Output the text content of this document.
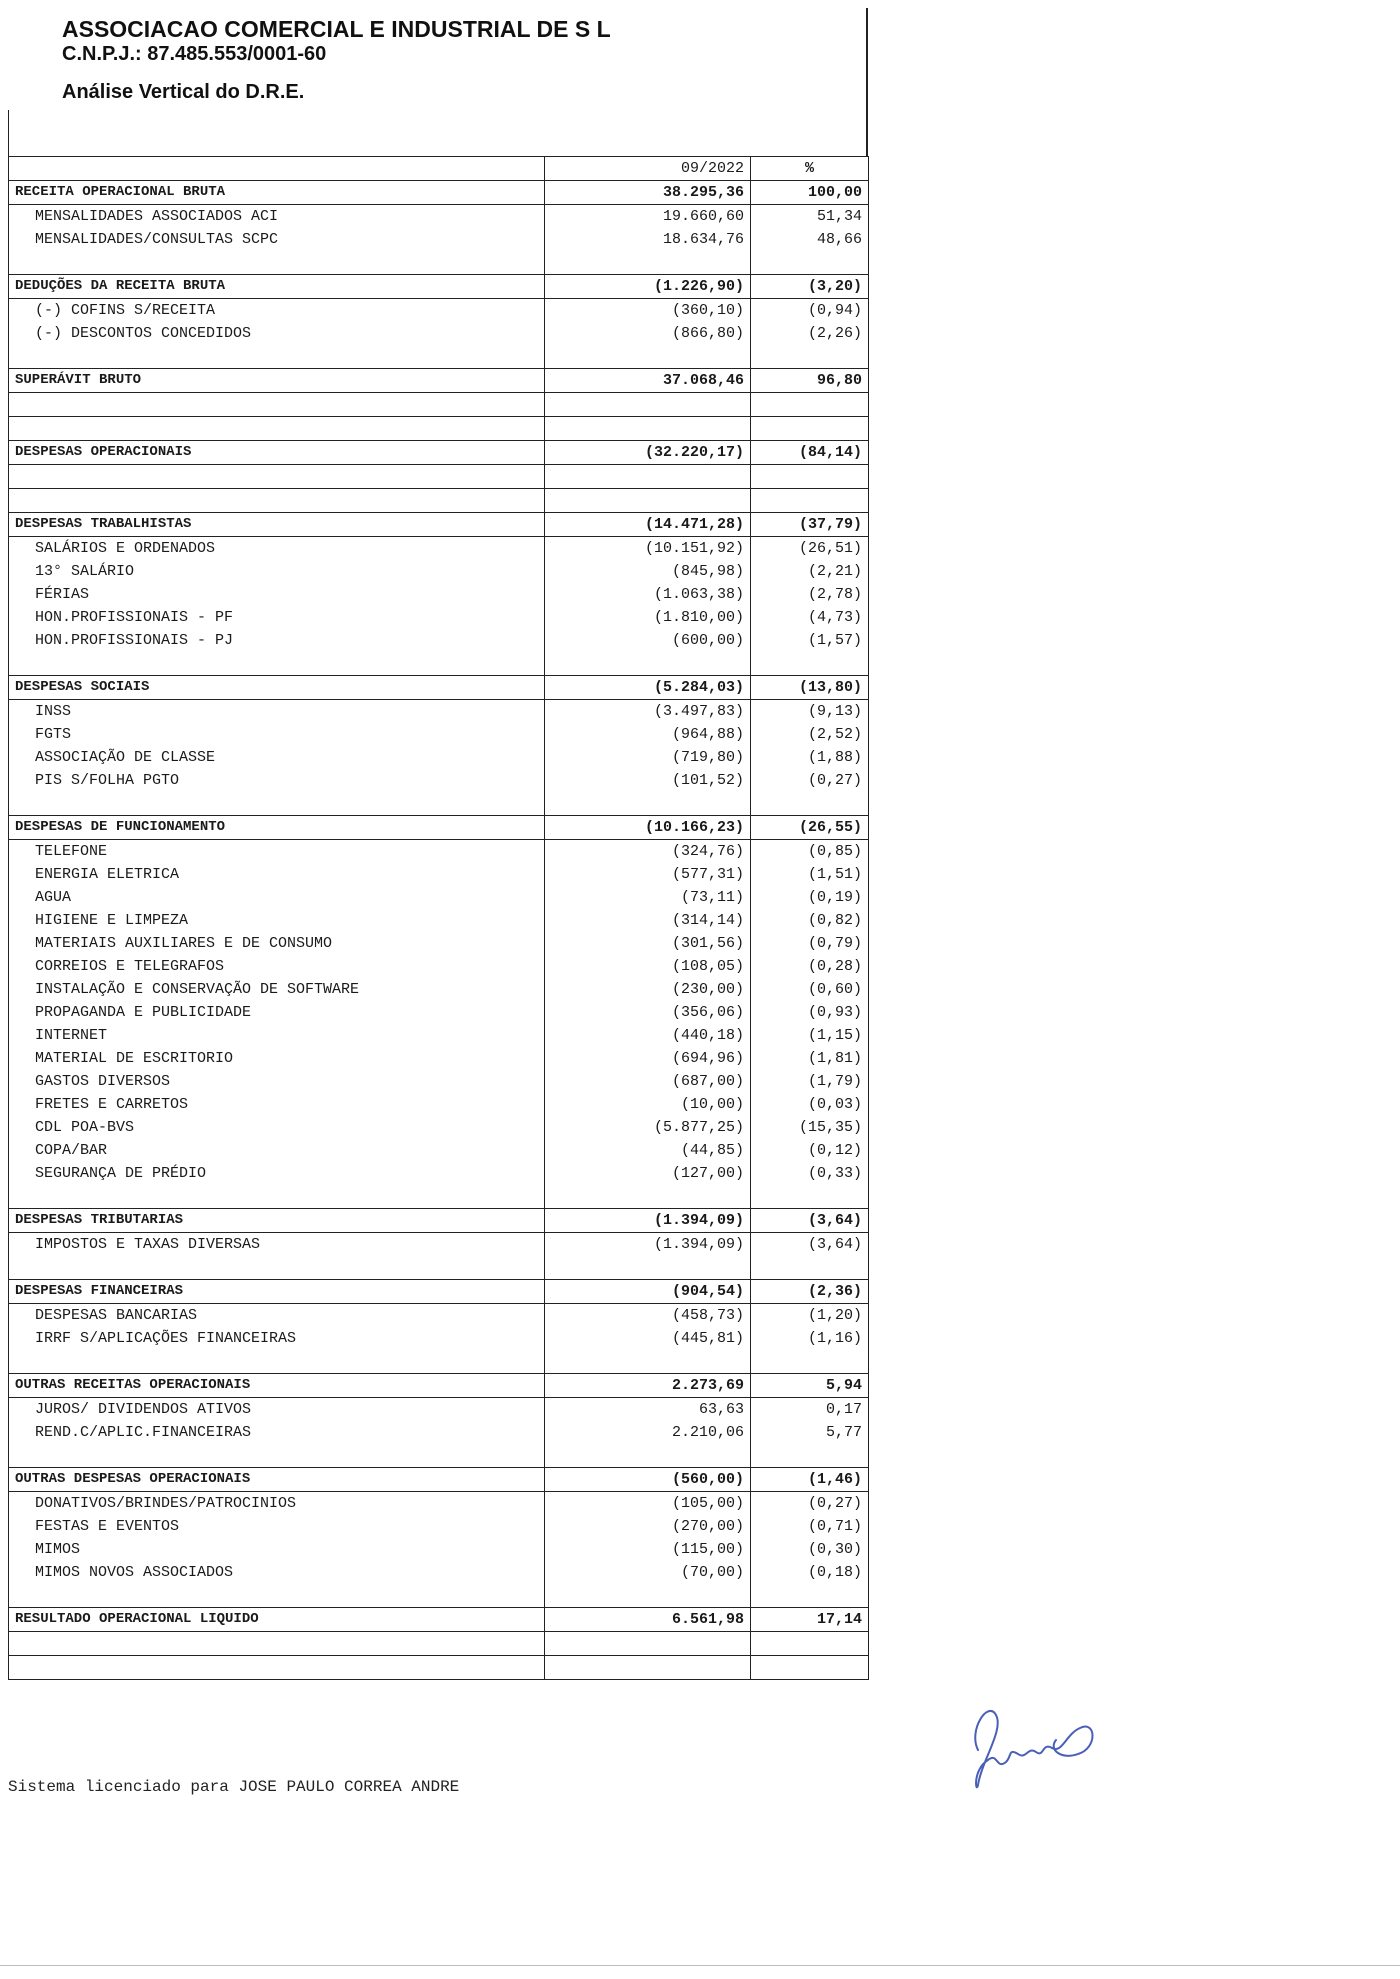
ASSOCIACAO COMERCIAL E INDUSTRIAL DE S L
C.N.P.J.: 87.485.553/0001-60
Análise Vertical do D.R.E.
	09/2022	%
RECEITA OPERACIONAL BRUTA	38.295,36	100,00
MENSALIDADES ASSOCIADOS ACI	19.660,60	51,34
MENSALIDADES/CONSULTAS SCPC	18.634,76	48,66

DEDUÇÕES DA RECEITA BRUTA	(1.226,90)	(3,20)
(-) COFINS S/RECEITA	(360,10)	(0,94)
(-) DESCONTOS CONCEDIDOS	(866,80)	(2,26)

SUPERÁVIT BRUTO	37.068,46	96,80

DESPESAS OPERACIONAIS	(32.220,17)	(84,14)

DESPESAS TRABALHISTAS	(14.471,28)	(37,79)
SALÁRIOS E ORDENADOS	(10.151,92)	(26,51)
13° SALÁRIO	(845,98)	(2,21)
FÉRIAS	(1.063,38)	(2,78)
HON.PROFISSIONAIS - PF	(1.810,00)	(4,73)
HON.PROFISSIONAIS - PJ	(600,00)	(1,57)

DESPESAS SOCIAIS	(5.284,03)	(13,80)
INSS	(3.497,83)	(9,13)
FGTS	(964,88)	(2,52)
ASSOCIAÇÃO DE CLASSE	(719,80)	(1,88)
PIS S/FOLHA PGTO	(101,52)	(0,27)

DESPESAS DE FUNCIONAMENTO	(10.166,23)	(26,55)
TELEFONE	(324,76)	(0,85)
ENERGIA ELETRICA	(577,31)	(1,51)
AGUA	(73,11)	(0,19)
HIGIENE E LIMPEZA	(314,14)	(0,82)
MATERIAIS AUXILIARES E DE CONSUMO	(301,56)	(0,79)
CORREIOS E TELEGRAFOS	(108,05)	(0,28)
INSTALAÇÃO E CONSERVAÇÃO DE SOFTWARE	(230,00)	(0,60)
PROPAGANDA E PUBLICIDADE	(356,06)	(0,93)
INTERNET	(440,18)	(1,15)
MATERIAL DE ESCRITORIO	(694,96)	(1,81)
GASTOS DIVERSOS	(687,00)	(1,79)
FRETES E CARRETOS	(10,00)	(0,03)
CDL POA-BVS	(5.877,25)	(15,35)
COPA/BAR	(44,85)	(0,12)
SEGURANÇA DE PRÉDIO	(127,00)	(0,33)

DESPESAS TRIBUTARIAS	(1.394,09)	(3,64)
IMPOSTOS E TAXAS DIVERSAS	(1.394,09)	(3,64)

DESPESAS FINANCEIRAS	(904,54)	(2,36)
DESPESAS BANCARIAS	(458,73)	(1,20)
IRRF S/APLICAÇÕES FINANCEIRAS	(445,81)	(1,16)

OUTRAS RECEITAS OPERACIONAIS	2.273,69	5,94
JUROS/ DIVIDENDOS ATIVOS	63,63	0,17
REND.C/APLIC.FINANCEIRAS	2.210,06	5,77

OUTRAS DESPESAS OPERACIONAIS	(560,00)	(1,46)
DONATIVOS/BRINDES/PATROCINIOS	(105,00)	(0,27)
FESTAS E EVENTOS	(270,00)	(0,71)
MIMOS	(115,00)	(0,30)
MIMOS NOVOS ASSOCIADOS	(70,00)	(0,18)

RESULTADO OPERACIONAL LIQUIDO	6.561,98	17,14

Sistema licenciado para JOSE PAULO CORREA ANDRE
